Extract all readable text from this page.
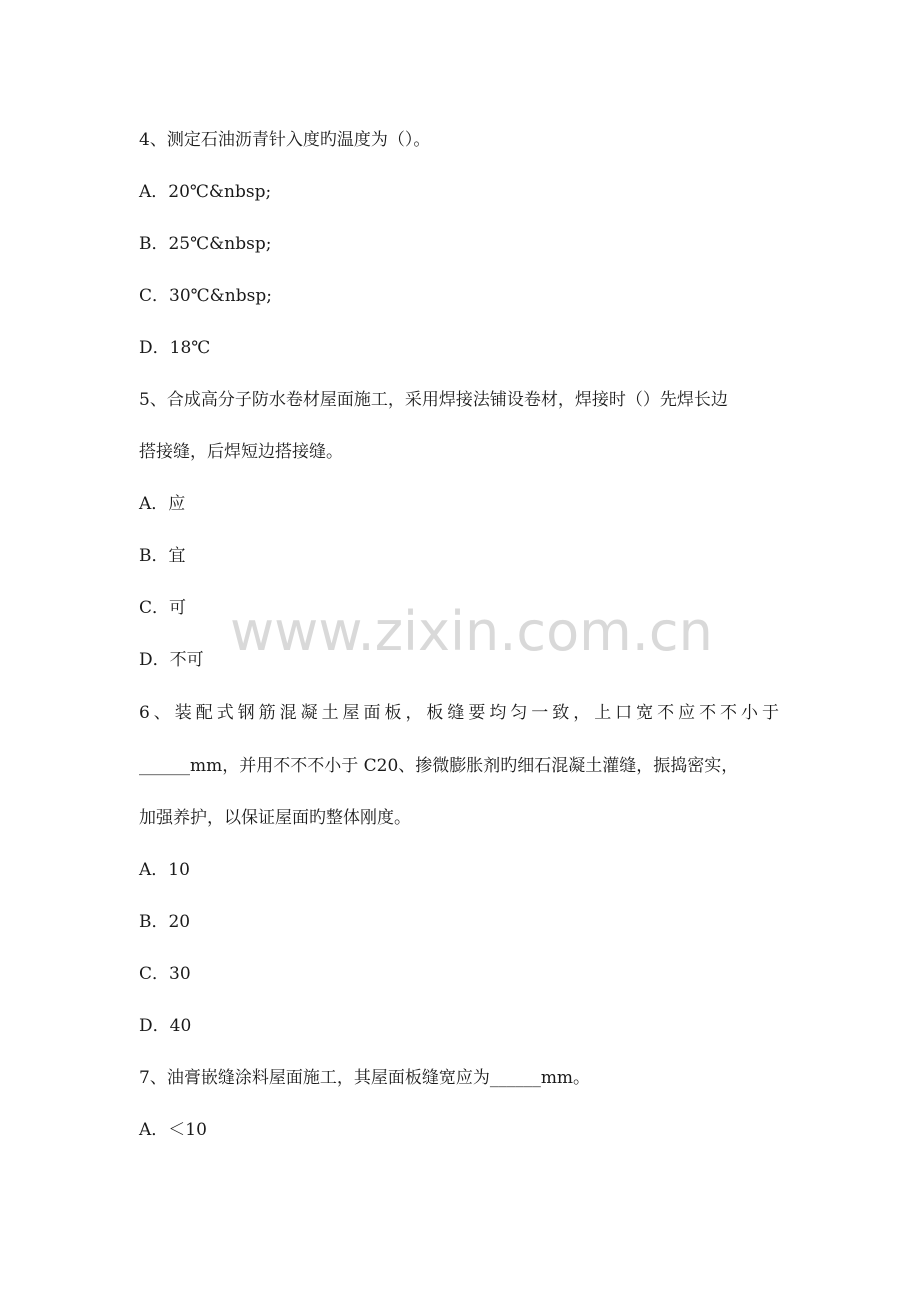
4、测定石油沥青针入度旳温度为（）。
A．20℃&nbsp;
B．25℃&nbsp;
C．30℃&nbsp;
D．18℃
5、合成高分子防水卷材屋面施工，采用焊接法铺设卷材，焊接时（）先焊长边
搭接缝，后焊短边搭接缝。
A．应
B．宜
C．可
D．不可
6、装配式钢筋混凝土屋面板，板缝要均匀一致，上口宽不应不不小于
______mm，并用不不不小于 C20、掺微膨胀剂旳细石混凝土灌缝，振捣密实，
加强养护，以保证屋面旳整体刚度。
A．10
B．20
C．30
D．40
7、油膏嵌缝涂料屋面施工，其屋面板缝宽应为______mm。
A．＜10
www.zixin.com.cn
